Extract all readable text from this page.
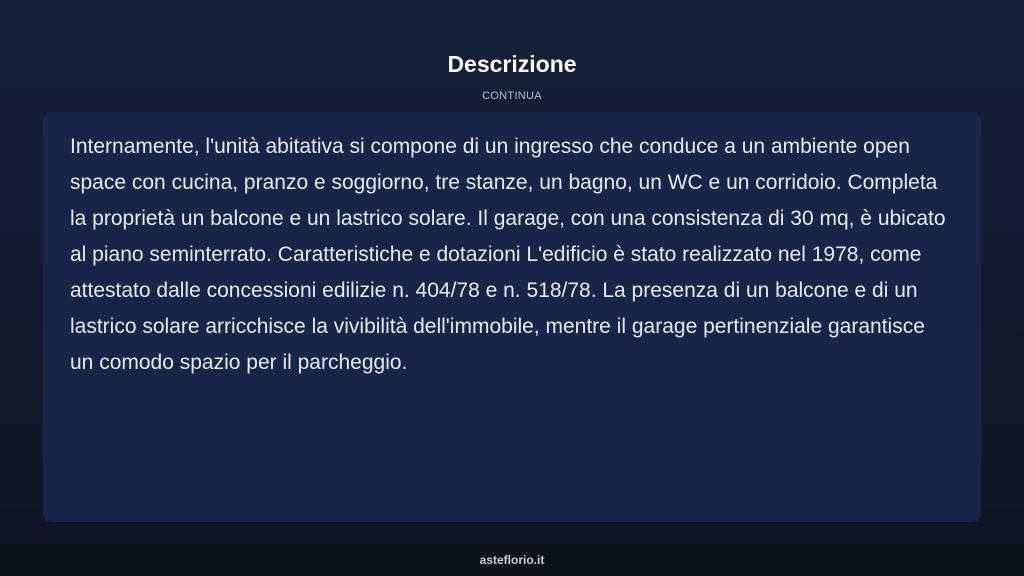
Descrizione
CONTINUA

Internamente, l'unità abitativa si compone di un ingresso che conduce a un ambiente open space con cucina, pranzo e soggiorno, tre stanze, un bagno, un WC e un corridoio. Completa la proprietà un balcone e un lastrico solare. Il garage, con una consistenza di 30 mq, è ubicato al piano seminterrato. Caratteristiche e dotazioni L'edificio è stato realizzato nel 1978, come attestato dalle concessioni edilizie n. 404/78 e n. 518/78. La presenza di un balcone e di un lastrico solare arricchisce la vivibilità dell'immobile, mentre il garage pertinenziale garantisce un comodo spazio per il parcheggio.

asteflorio.it
